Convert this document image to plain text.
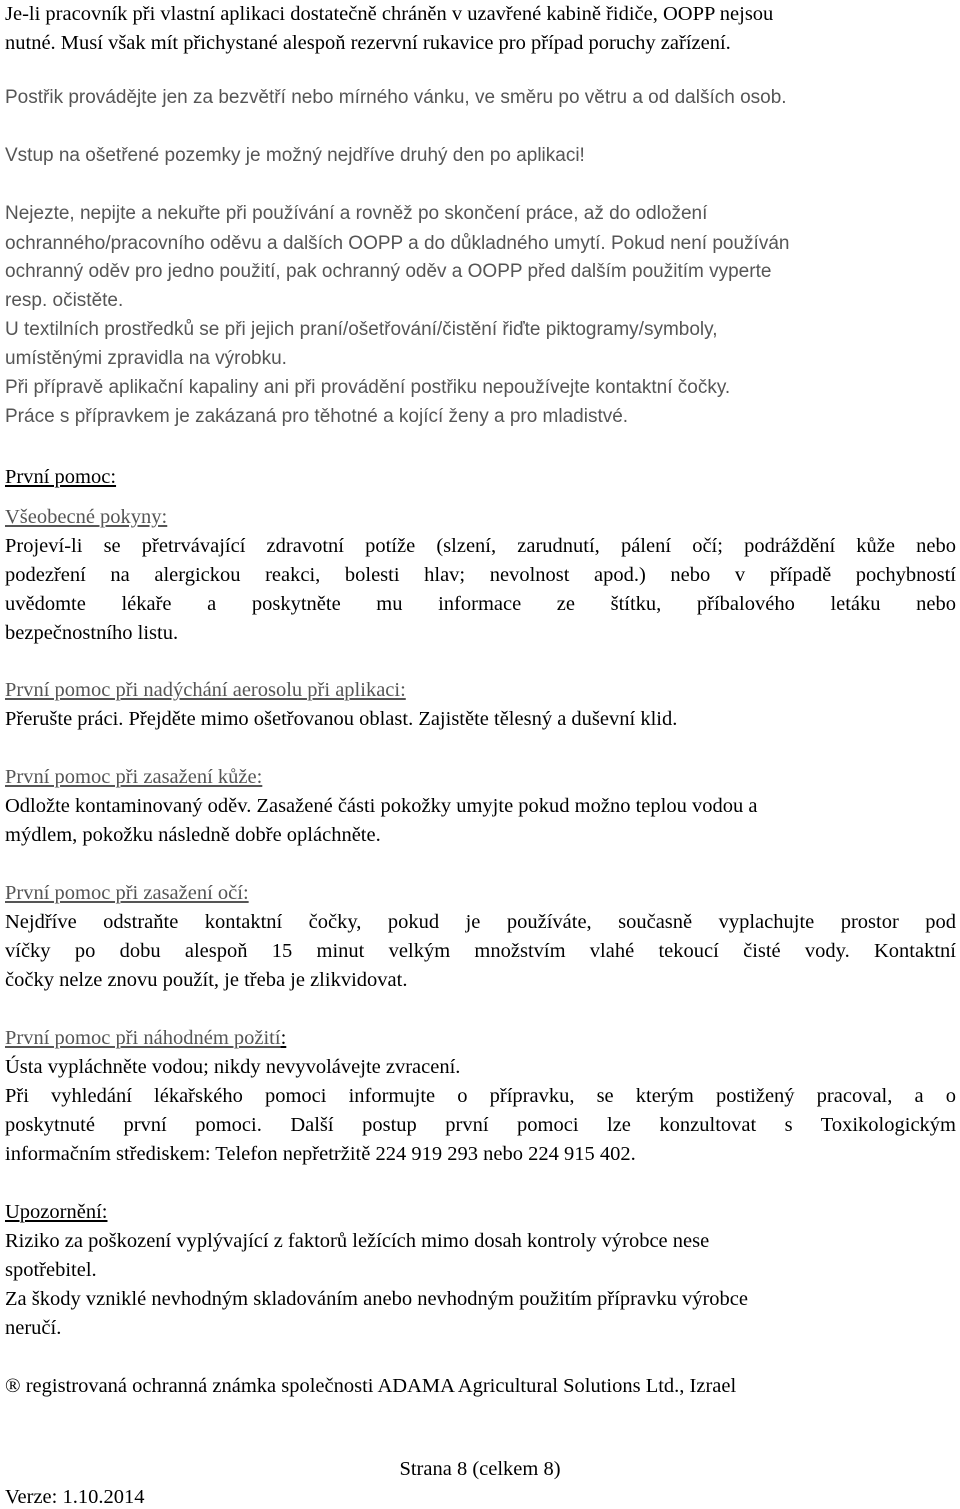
Je-li pracovník při vlastní aplikaci dostatečně chráněn v uzavřené kabině řidiče, OOPP nejsou
nutné. Musí však mít přichystané alespoň rezervní rukavice pro případ poruchy zařízení.
Postřik provádějte jen za bezvětří nebo mírného vánku, ve směru po větru a od dalších osob.
Vstup na ošetřené pozemky je možný nejdříve druhý den po aplikaci!
Nejezte, nepijte a nekuřte při používání a rovněž po skončení práce, až do odložení
ochranného/pracovního oděvu a dalších OOPP a do důkladného umytí. Pokud není používán
ochranný oděv pro jedno použití, pak ochranný oděv a OOPP před dalším použitím vyperte
resp. očistěte.
U textilních prostředků se při jejich praní/ošetřování/čistění řiďte piktogramy/symboly,
umístěnými zpravidla na výrobku.
Při přípravě aplikační kapaliny ani při provádění postřiku nepoužívejte kontaktní čočky.
Práce s přípravkem je zakázaná pro těhotné a kojící ženy a pro mladistvé.
První pomoc:
Všeobecné pokyny:
Projeví-li se přetrvávající zdravotní potíže (slzení, zarudnutí, pálení očí; podráždění kůže nebo
podezření na alergickou reakci, bolesti hlav; nevolnost apod.) nebo v případě pochybností
uvědomte lékaře a poskytněte mu informace ze štítku, příbalového letáku nebo
bezpečnostního listu.
První pomoc při nadýchání aerosolu při aplikaci:
Přerušte práci. Přejděte mimo ošetřovanou oblast. Zajistěte tělesný a duševní klid.
První pomoc při zasažení kůže:
Odložte kontaminovaný oděv. Zasažené části pokožky umyjte pokud možno teplou vodou a
mýdlem, pokožku následně dobře opláchněte.
První pomoc při zasažení očí:
Nejdříve odstraňte kontaktní čočky, pokud je používáte, současně vyplachujte prostor pod
víčky po dobu alespoň 15 minut velkým množstvím vlahé tekoucí čisté vody. Kontaktní
čočky nelze znovu použít, je třeba je zlikvidovat.
První pomoc při náhodném požití:
Ústa vypláchněte vodou; nikdy nevyvolávejte zvracení.
Při vyhledání lékařského pomoci informujte o přípravku, se kterým postižený pracoval, a o
poskytnuté první pomoci. Další postup první pomoci lze konzultovat s Toxikologickým
informačním střediskem: Telefon nepřetržitě 224 919 293 nebo 224 915 402.
Upozornění:
Riziko za poškození vyplývající z faktorů ležících mimo dosah kontroly výrobce nese
spotřebitel.
Za škody vzniklé nevhodným skladováním anebo nevhodným použitím přípravku výrobce
neručí.
® registrovaná ochranná známka společnosti ADAMA Agricultural Solutions Ltd., Izrael
Strana 8 (celkem 8)
Verze: 1.10.2014
